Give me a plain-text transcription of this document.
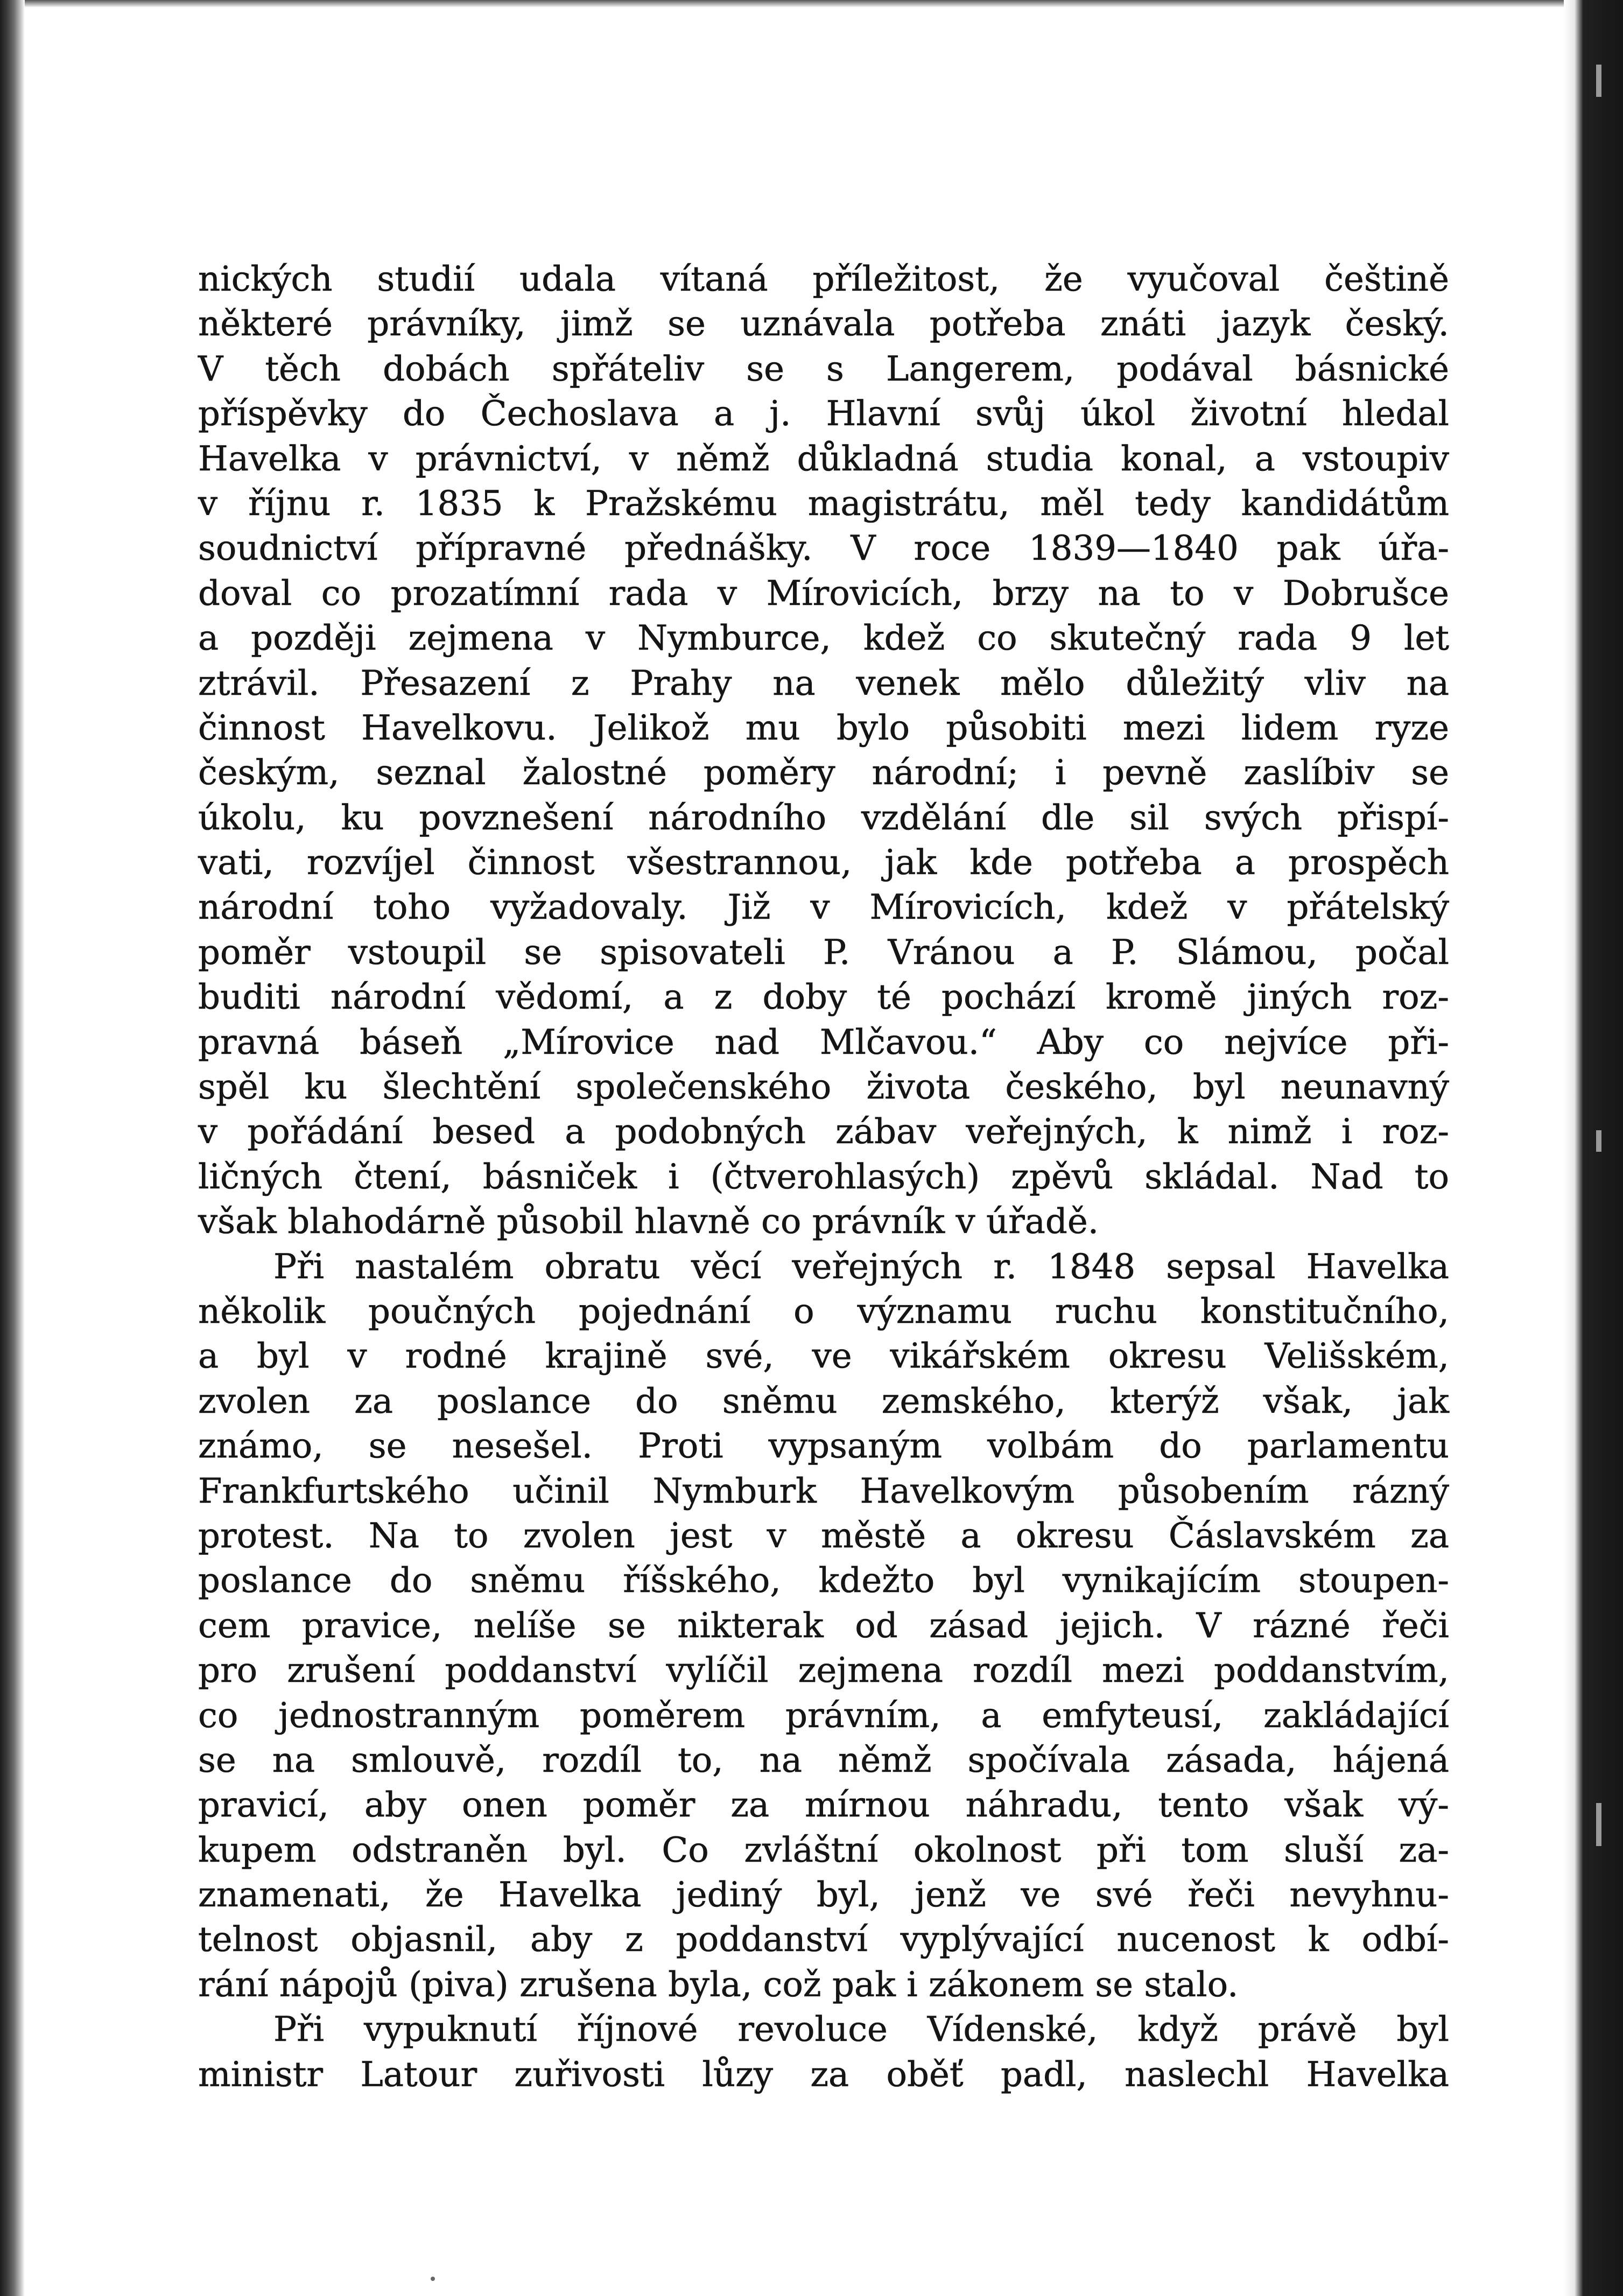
nických studií udala vítaná příležitost, že vyučoval češtině
některé právníky, jimž se uznávala potřeba znáti jazyk český.
V těch dobách spřáteliv se s Langerem, podával básnické
příspěvky do Čechoslava a j. Hlavní svůj úkol životní hledal
Havelka v právnictví, v němž důkladná studia konal, a vstoupiv
v říjnu r. 1835 k Pražskému magistrátu, měl tedy kandidátům
soudnictví přípravné přednášky. V roce 1839—1840 pak úřa-
doval co prozatímní rada v Mírovicích, brzy na to v Dobrušce
a později zejmena v Nymburce, kdež co skutečný rada 9 let
ztrávil. Přesazení z Prahy na venek mělo důležitý vliv na
činnost Havelkovu. Jelikož mu bylo působiti mezi lidem ryze
českým, seznal žalostné poměry národní; i pevně zaslíbiv se
úkolu, ku povznešení národního vzdělání dle sil svých přispí-
vati, rozvíjel činnost všestrannou, jak kde potřeba a prospěch
národní toho vyžadovaly. Již v Mírovicích, kdež v přátelský
poměr vstoupil se spisovateli P. Vránou a P. Slámou, počal
buditi národní vědomí, a z doby té pochází kromě jiných roz-
pravná báseň „Mírovice nad Mlčavou.“ Aby co nejvíce při-
spěl ku šlechtění společenského života českého, byl neunavný
v pořádání besed a podobných zábav veřejných, k nimž i roz-
ličných čtení, básniček i (čtverohlasých) zpěvů skládal. Nad to
však blahodárně působil hlavně co právník v úřadě.
Při nastalém obratu věcí veřejných r. 1848 sepsal Havelka
několik poučných pojednání o významu ruchu konstitučního,
a byl v rodné krajině své, ve vikářském okresu Velišském,
zvolen za poslance do sněmu zemského, kterýž však, jak
známo, se nesešel. Proti vypsaným volbám do parlamentu
Frankfurtského učinil Nymburk Havelkovým působením rázný
protest. Na to zvolen jest v městě a okresu Čáslavském za
poslance do sněmu říšského, kdežto byl vynikajícím stoupen-
cem pravice, nelíše se nikterak od zásad jejich. V rázné řeči
pro zrušení poddanství vylíčil zejmena rozdíl mezi poddanstvím,
co jednostranným poměrem právním, a emfyteusí, zakládající
se na smlouvě, rozdíl to, na němž spočívala zásada, hájená
pravicí, aby onen poměr za mírnou náhradu, tento však vý-
kupem odstraněn byl. Co zvláštní okolnost při tom sluší za-
znamenati, že Havelka jediný byl, jenž ve své řeči nevyhnu-
telnost objasnil, aby z poddanství vyplývající nucenost k odbí-
rání nápojů (piva) zrušena byla, což pak i zákonem se stalo.
Při vypuknutí říjnové revoluce Vídenské, když právě byl
ministr Latour zuřivosti lůzy za oběť padl, naslechl Havelka
